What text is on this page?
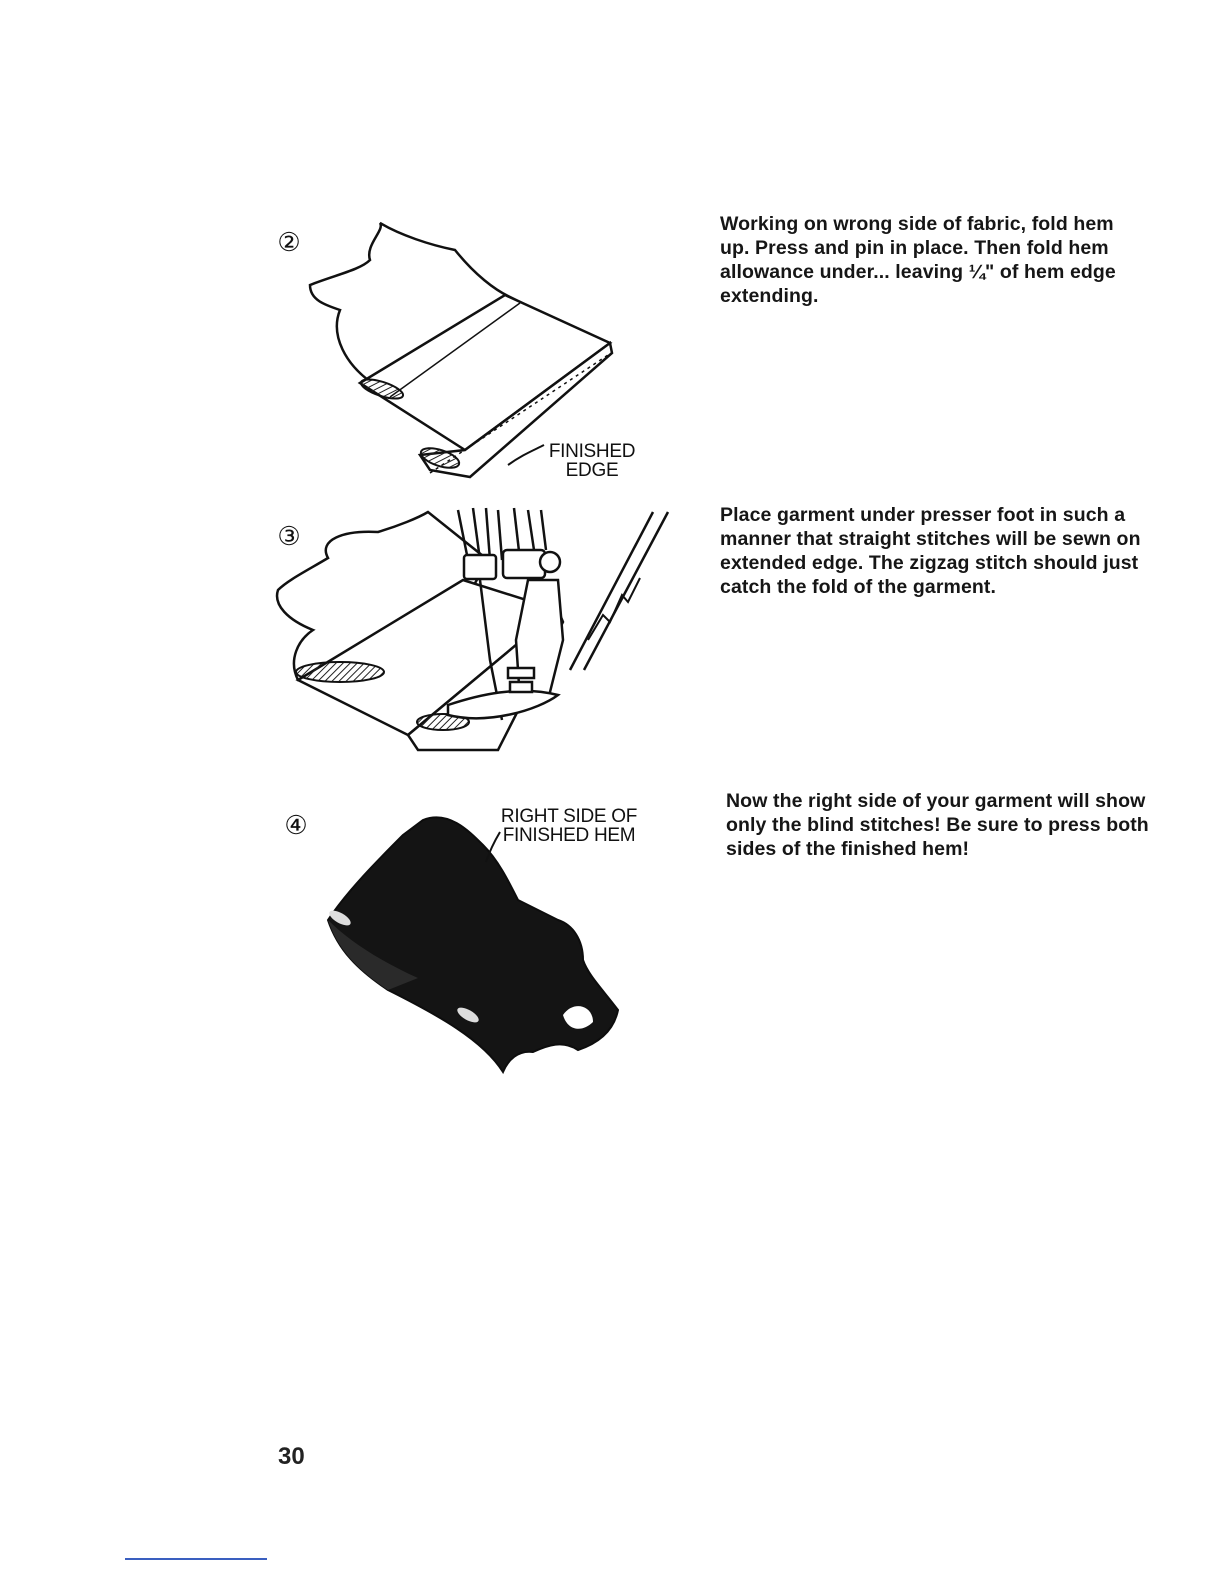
②
FINISHED
EDGE
Working on wrong side of fabric, fold hem up. Press and pin in place. Then fold hem allowance under... leaving ¼" of hem edge extending.
③
Place garment under presser foot in such a manner that straight stitches will be sewn on extended edge. The zigzag stitch should just catch the fold of the garment.
④	RIGHT SIDE OF
FINISHED HEM
Now the right side of your garment will show only the blind stitches! Be sure to press both sides of the finished hem!
30
